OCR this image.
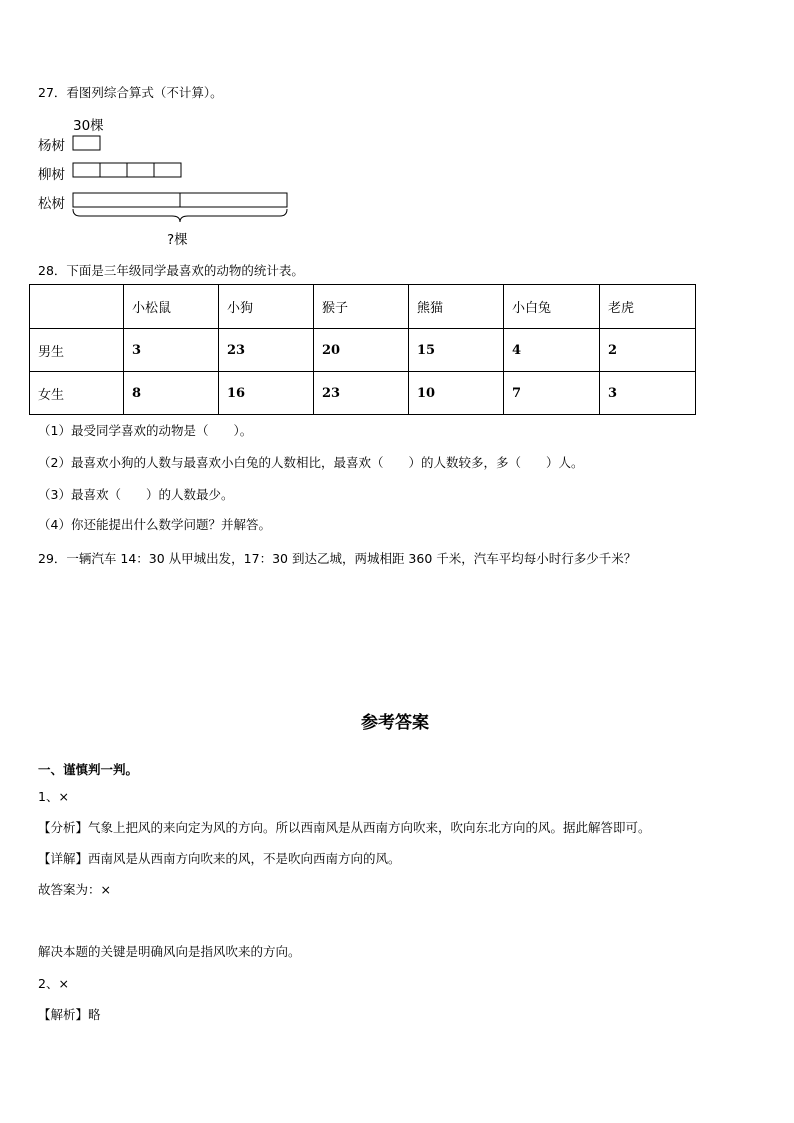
27．看图列综合算式（不计算）。
30棵
杨树
柳树
松树
?棵
28．下面是三年级同学最喜欢的动物的统计表。
	小松鼠	小狗	猴子	熊猫	小白兔	老虎
男生	3	23	20	15	4	2
女生	8	16	23	10	7	3
（1）最受同学喜欢的动物是（　　）。
（2）最喜欢小狗的人数与最喜欢小白兔的人数相比，最喜欢（　　）的人数较多，多（　　）人。
（3）最喜欢（　　）的人数最少。
（4）你还能提出什么数学问题？并解答。
29．一辆汽车 14：30 从甲城出发，17：30 到达乙城，两城相距 360 千米，汽车平均每小时行多少千米？
参考答案
一、谨慎判一判。
1、×
【分析】气象上把风的来向定为风的方向。所以西南风是从西南方向吹来，吹向东北方向的风。据此解答即可。
【详解】西南风是从西南方向吹来的风，不是吹向西南方向的风。
故答案为：×
解决本题的关键是明确风向是指风吹来的方向。
2、×
【解析】略
